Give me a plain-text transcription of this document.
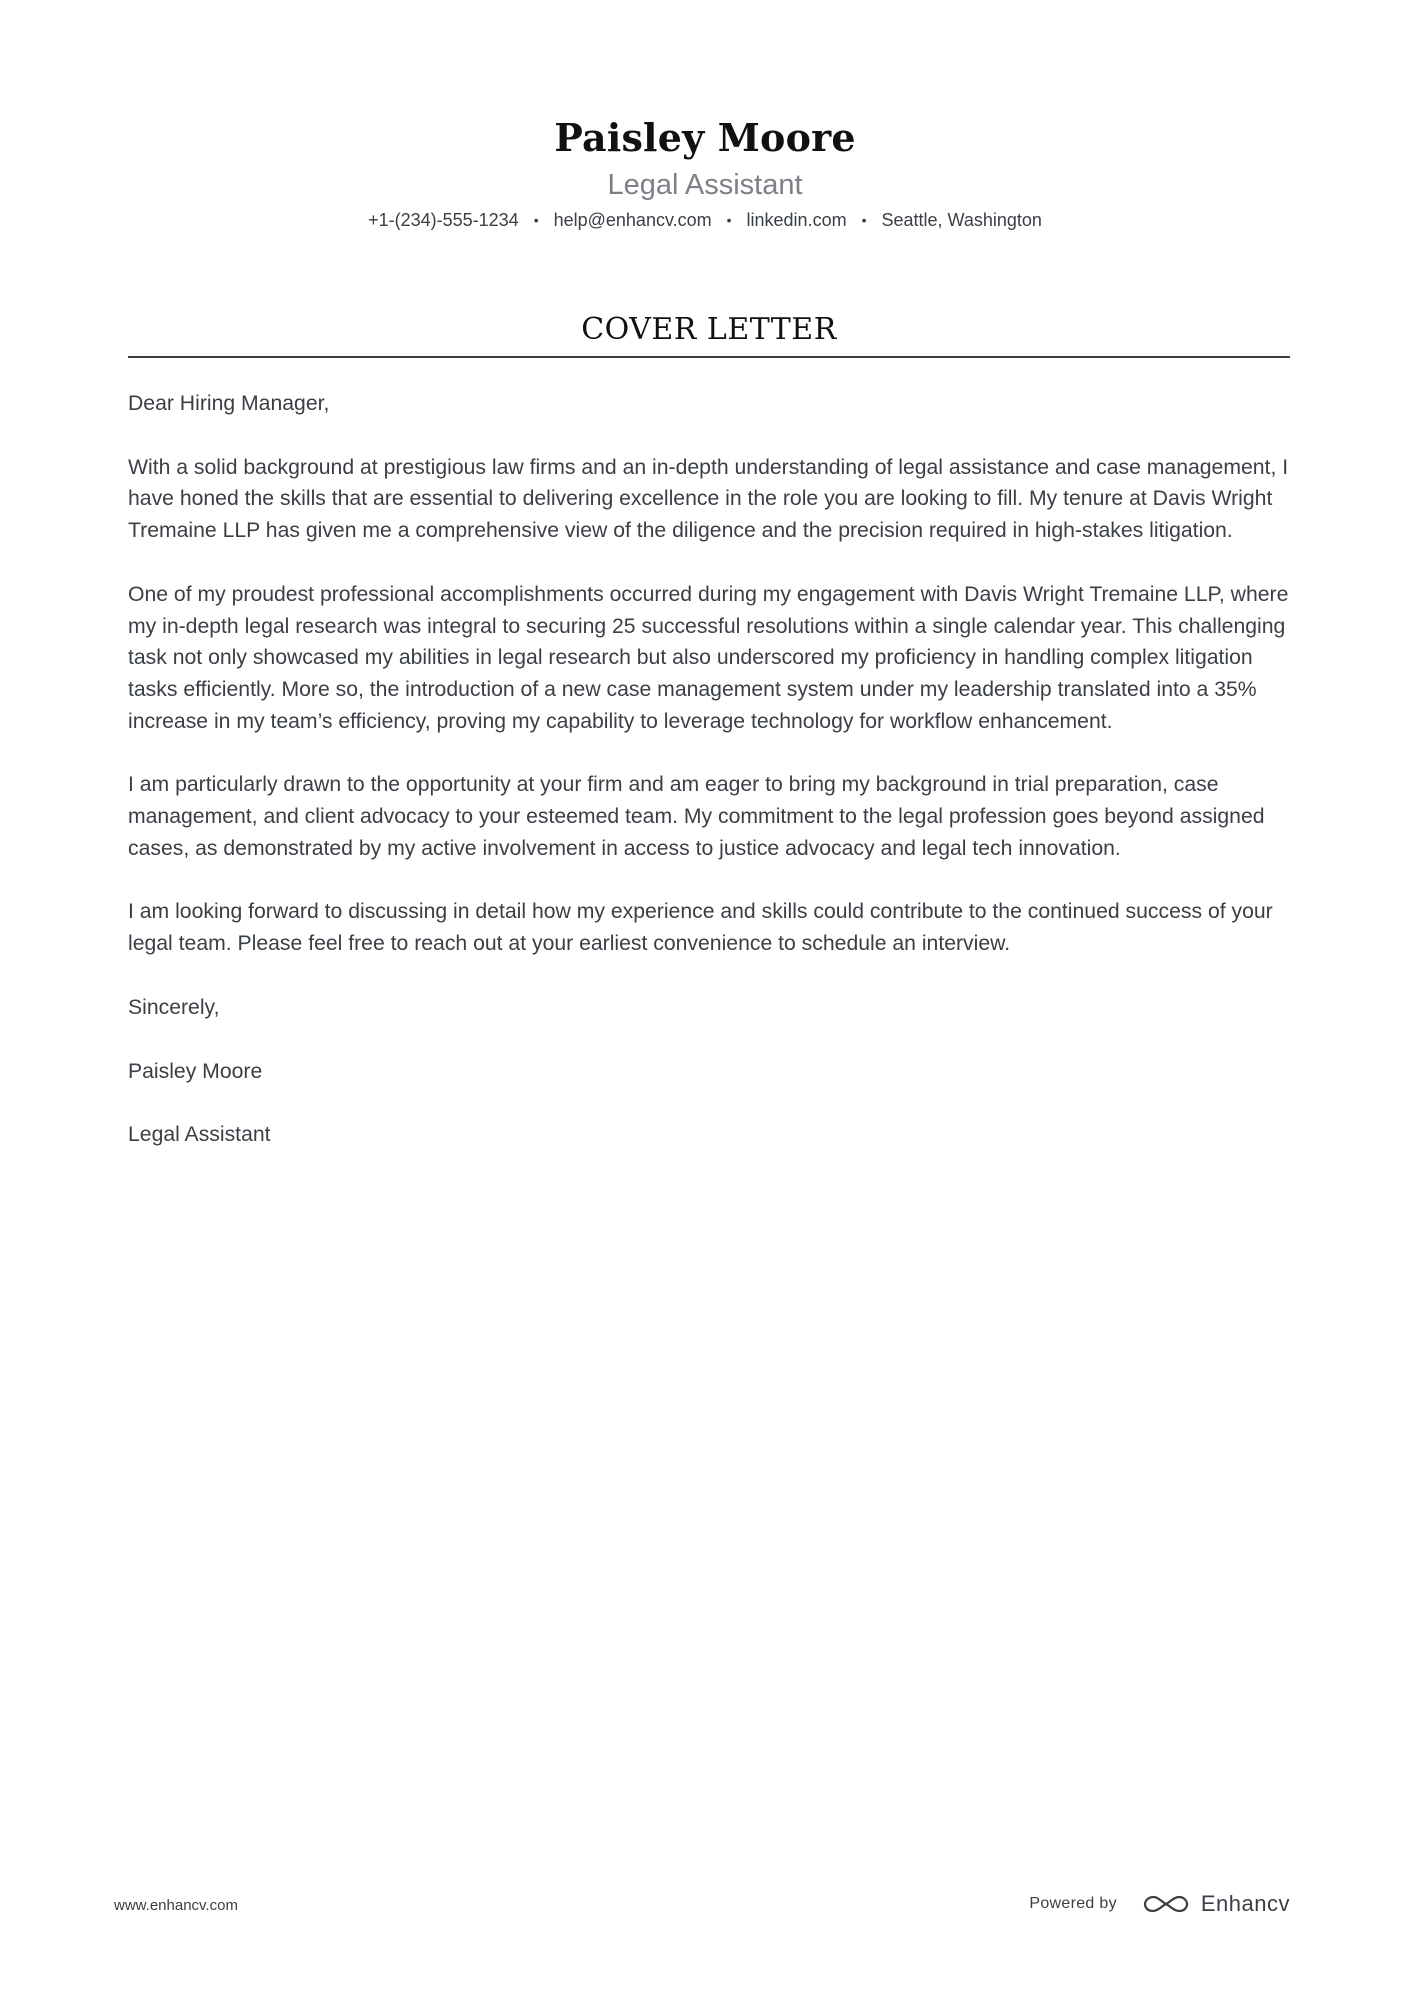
Paisley Moore
Legal Assistant
+1-(234)-555-1234 • help@enhancv.com • linkedin.com • Seattle, Washington
COVER LETTER

Dear Hiring Manager,

With a solid background at prestigious law firms and an in-depth understanding of legal assistance and case management, I have honed the skills that are essential to delivering excellence in the role you are looking to fill. My tenure at Davis Wright Tremaine LLP has given me a comprehensive view of the diligence and the precision required in high-stakes litigation.

One of my proudest professional accomplishments occurred during my engagement with Davis Wright Tremaine LLP, where my in-depth legal research was integral to securing 25 successful resolutions within a single calendar year. This challenging task not only showcased my abilities in legal research but also underscored my proficiency in handling complex litigation tasks efficiently. More so, the introduction of a new case management system under my leadership translated into a 35% increase in my team’s efficiency, proving my capability to leverage technology for workflow enhancement.

I am particularly drawn to the opportunity at your firm and am eager to bring my background in trial preparation, case management, and client advocacy to your esteemed team. My commitment to the legal profession goes beyond assigned cases, as demonstrated by my active involvement in access to justice advocacy and legal tech innovation.

I am looking forward to discussing in detail how my experience and skills could contribute to the continued success of your legal team. Please feel free to reach out at your earliest convenience to schedule an interview.

Sincerely,

Paisley Moore

Legal Assistant

www.enhancv.com	Powered by	Enhancv
